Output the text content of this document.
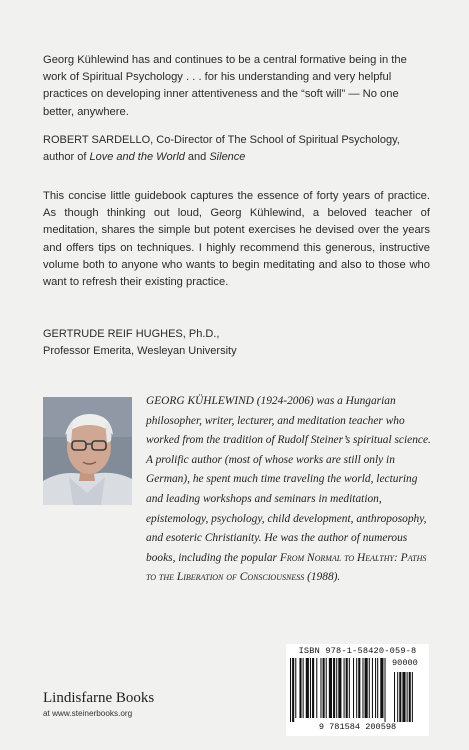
Georg Kühlewind has and continues to be a central formative being in the work of Spiritual Psychology . . . for his understanding and very helpful practices on developing inner attentiveness and the “soft will” — No one better, anywhere.

ROBERT SARDELLO, Co-Director of The School of Spiritual Psychology, author of Love and the World and Silence

This concise little guidebook captures the essence of forty years of practice. As though thinking out loud, Georg Kühlewind, a beloved teacher of meditation, shares the simple but potent exercises he devised over the years and offers tips on techniques. I highly recommend this generous, instructive volume both to anyone who wants to begin meditating and also to those who want to refresh their existing practice.

GERTRUDE REIF HUGHES, Ph.D., Professor Emerita, Wesleyan University

GEORG KÜHLEWIND (1924-2006) was a Hungarian philosopher, writer, lecturer, and meditation teacher who worked from the tradition of Rudolf Steiner’s spiritual science. A prolific author (most of whose works are still only in German), he spent much time traveling the world, lecturing and leading workshops and seminars in meditation, epistemology, psychology, child development, anthroposophy, and esoteric Christianity. He was the author of numerous books, including the popular From Normal to Healthy: Paths to the Liberation of Consciousness (1988).

Lindisfarne Books
at www.steinerbooks.org
ISBN 978-1-58420-059-8
90000
9 781584 200598
